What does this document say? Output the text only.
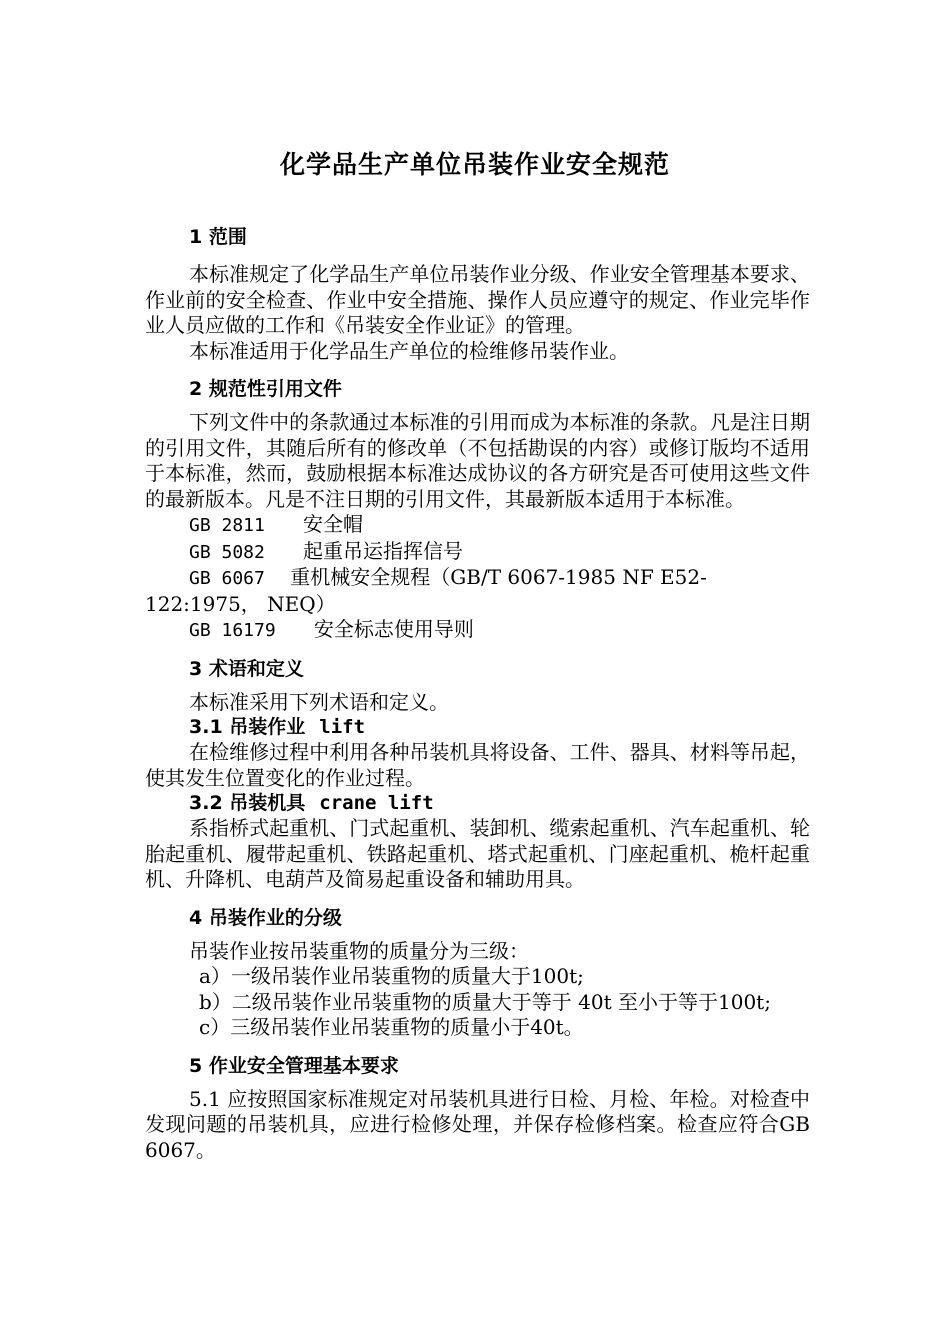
化学品生产单位吊装作业安全规范
1 范围

本标准规定了化学品生产单位吊装作业分级、作业安全管理基本要求、作业前的安全检查、作业中安全措施、操作人员应遵守的规定、作业完毕作业人员应做的工作和《吊装安全作业证》的管理。

本标准适用于化学品生产单位的检维修吊装作业。

2 规范性引用文件

下列文件中的条款通过本标准的引用而成为本标准的条款。凡是注日期的引用文件，其随后所有的修改单（不包括勘误的内容）或修订版均不适用于本标准，然而，鼓励根据本标准达成协议的各方研究是否可使用这些文件的最新版本。凡是不注日期的引用文件，其最新版本适用于本标准。

GB 2811 安全帽
GB 5082 起重吊运指挥信号
GB 6067 重机械安全规程（GB/T 6067-1985 NF E52-122:1975， NEQ）
GB 16179 安全标志使用导则
3 术语和定义

本标准采用下列术语和定义。

3.1 吊装作业 lift

在检维修过程中利用各种吊装机具将设备、工件、器具、材料等吊起，使其发生位置变化的作业过程。

3.2 吊装机具 crane lift

系指桥式起重机、门式起重机、装卸机、缆索起重机、汽车起重机、轮胎起重机、履带起重机、铁路起重机、塔式起重机、门座起重机、桅杆起重机、升降机、电葫芦及简易起重设备和辅助用具。

4 吊装作业的分级

吊装作业按吊装重物的质量分为三级：

a）一级吊装作业吊装重物的质量大于100t;

b）二级吊装作业吊装重物的质量大于等于 40t 至小于等于100t;

c）三级吊装作业吊装重物的质量小于40t。

5 作业安全管理基本要求

5.1 应按照国家标准规定对吊装机具进行日检、月检、年检。对检查中发现问题的吊装机具，应进行检修处理，并保存检修档案。检查应符合GB 6067。
